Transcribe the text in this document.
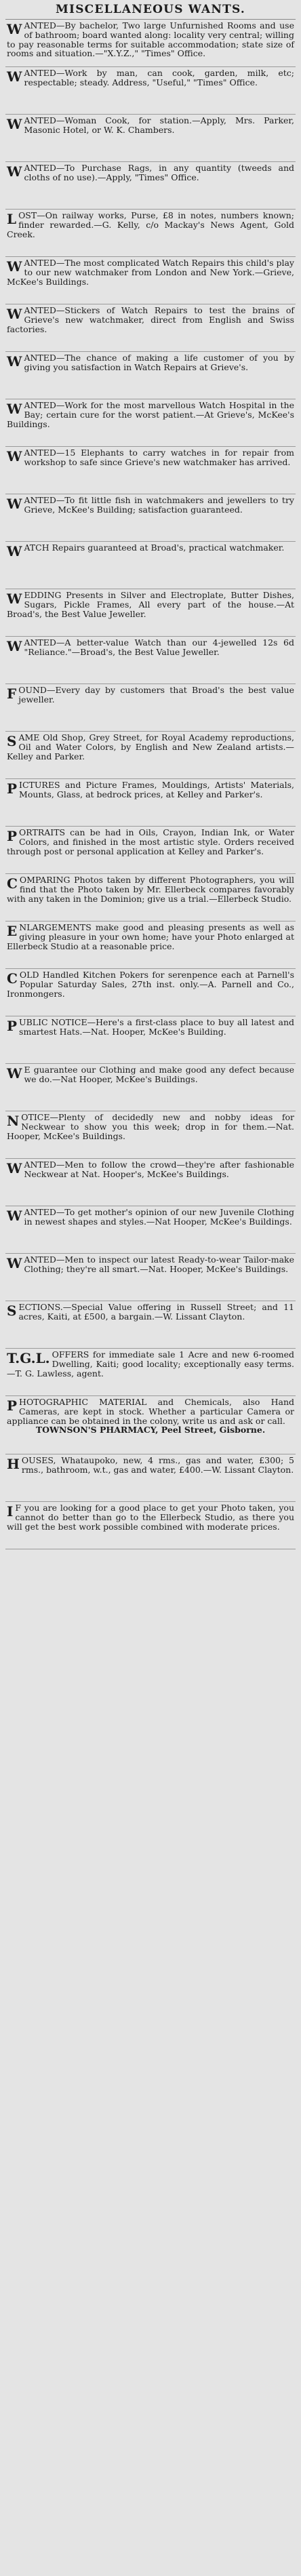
MISCELLANEOUS WANTS.
WANTED—By bachelor, Two large Unfurnished Rooms and use of bathroom; board wanted along: locality very central; willing to pay reasonable terms for suitable accommodation; state size of rooms and situation.—"X.Y.Z.," "Times" Office.
WANTED—Work by man, can cook, garden, milk, etc; respectable; steady. Address, "Useful," "Times" Office.
WANTED—Woman Cook, for station.—Apply, Mrs. Parker, Masonic Hotel, or W. K. Chambers.
WANTED—To Purchase Rags, in any quantity (tweeds and cloths of no use).—Apply, "Times" Office.
LOST—On railway works, Purse, £8 in notes, numbers known; finder rewarded.—G. Kelly, c/o Mackay's News Agent, Gold Creek.
WANTED—The most complicated Watch Repairs this child's play to our new watchmaker from London and New York.—Grieve, McKee's Buildings.
WANTED—Stickers of Watch Repairs to test the brains of Grieve's new watchmaker, direct from English and Swiss factories.
WANTED—The chance of making a life customer of you by giving you satisfaction in Watch Repairs at Grieve's.
WANTED—Work for the most marvellous Watch Hospital in the Bay; certain cure for the worst patient.—At Grieve's, McKee's Buildings.
WANTED—15 Elephants to carry watches in for repair from workshop to safe since Grieve's new watchmaker has arrived.
WANTED—To fit little fish in watchmakers and jewellers to try Grieve, McKee's Building; satisfaction guaranteed.
WATCH Repairs guaranteed at Broad's, practical watchmaker.
WEDDING Presents in Silver and Electroplate, Butter Dishes, Sugars, Pickle Frames, All every part of the house.—At Broad's, the Best Value Jeweller.
WANTED—A better-value Watch than our 4-jewelled 12s 6d "Reliance."—Broad's, the Best Value Jeweller.
FOUND—Every day by customers that Broad's the best value jeweller.
SAME Old Shop, Grey Street, for Royal Academy reproductions, Oil and Water Colors, by English and New Zealand artists.—Kelley and Parker.
PICTURES and Picture Frames, Mouldings, Artists' Materials, Mounts, Glass, at bedrock prices, at Kelley and Parker's.
PORTRAITS can be had in Oils, Crayon, Indian Ink, or Water Colors, and finished in the most artistic style. Orders received through post or personal application at Kelley and Parker's.
COMPARING Photos taken by different Photographers, you will find that the Photo taken by Mr. Ellerbeck compares favorably with any taken in the Dominion; give us a trial.—Ellerbeck Studio.
ENLARGEMENTS make good and pleasing presents as well as giving pleasure in your own home; have your Photo enlarged at Ellerbeck Studio at a reasonable price.
COLD Handled Kitchen Pokers for serenpence each at Parnell's Popular Saturday Sales, 27th inst. only.—A. Parnell and Co., Ironmongers.
PUBLIC NOTICE—Here's a first-class place to buy all latest and smartest Hats.—Nat. Hooper, McKee's Building.
W E guarantee our Clothing and make good any defect because we do.—Nat Hooper, McKee's Buildings.
NOTICE—Plenty of decidedly new and nobby ideas for Neckwear to show you this week; drop in for them.—Nat. Hooper, McKee's Buildings.
WANTED—Men to follow the crowd—they're after fashionable Neckwear at Nat. Hooper's, McKee's Buildings.
WANTED—To get mother's opinion of our new Juvenile Clothing in newest shapes and styles.—Nat Hooper, McKee's Buildings.
WANTED—Men to inspect our latest Ready-to-wear Tailor-make Clothing; they're all smart.—Nat. Hooper, McKee's Buildings.
SECTIONS.—Special Value offering in Russell Street; and 11 acres, Kaiti, at £500, a bargain.—W. Lissant Clayton.
T.G.L. OFFERS for immediate sale 1 Acre and new 6-roomed Dwelling, Kaiti; good locality; exceptionally easy terms.—T. G. Lawless, agent.
PHOTOGRAPHIC MATERIAL and Chemicals, also Hand Cameras, are kept in stock. Whether a particular Camera or appliance can be obtained in the colony, write us and ask or call.
TOWNSON'S PHARMACY, Peel Street, Gisborne.
HOUSES, Whataupoko, new, 4 rms., gas and water, £300; 5 rms., bathroom, w.t., gas and water, £400.—W. Lissant Clayton.
I F you are looking for a good place to get your Photo taken, you cannot do better than go to the Ellerbeck Studio, as there you will get the best work possible combined with moderate prices.
